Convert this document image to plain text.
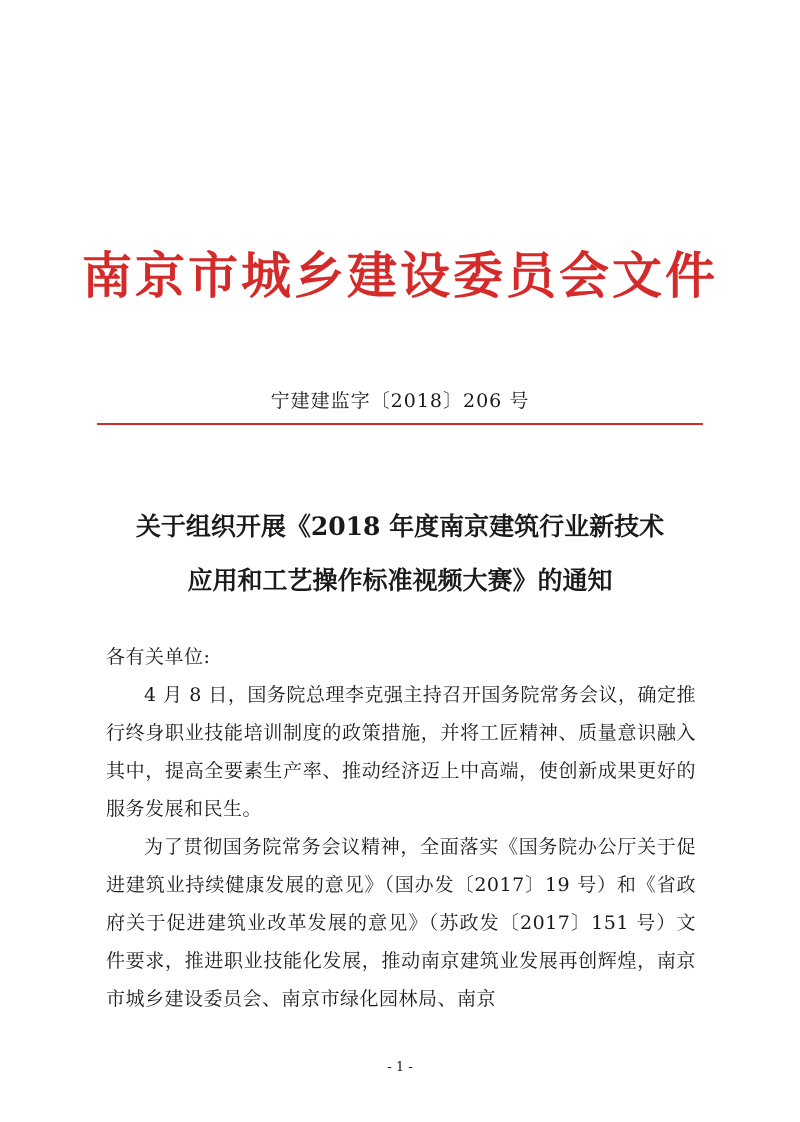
南京市城乡建设委员会文件
宁建建监字〔2018〕206 号
关于组织开展《2018 年度南京建筑行业新技术
应用和工艺操作标准视频大赛》的通知
各有关单位:

4 月 8 日，国务院总理李克强主持召开国务院常务会议，确定推行终身职业技能培训制度的政策措施，并将工匠精神、质量意识融入其中，提高全要素生产率、推动经济迈上中高端，使创新成果更好的服务发展和民生。

为了贯彻国务院常务会议精神，全面落实《国务院办公厅关于促进建筑业持续健康发展的意见》（国办发〔2017〕19 号）和《省政府关于促进建筑业改革发展的意见》（苏政发〔2017〕151 号）文件要求，推进职业技能化发展，推动南京建筑业发展再创辉煌，南京市城乡建设委员会、南京市绿化园林局、南京

- 1 -
